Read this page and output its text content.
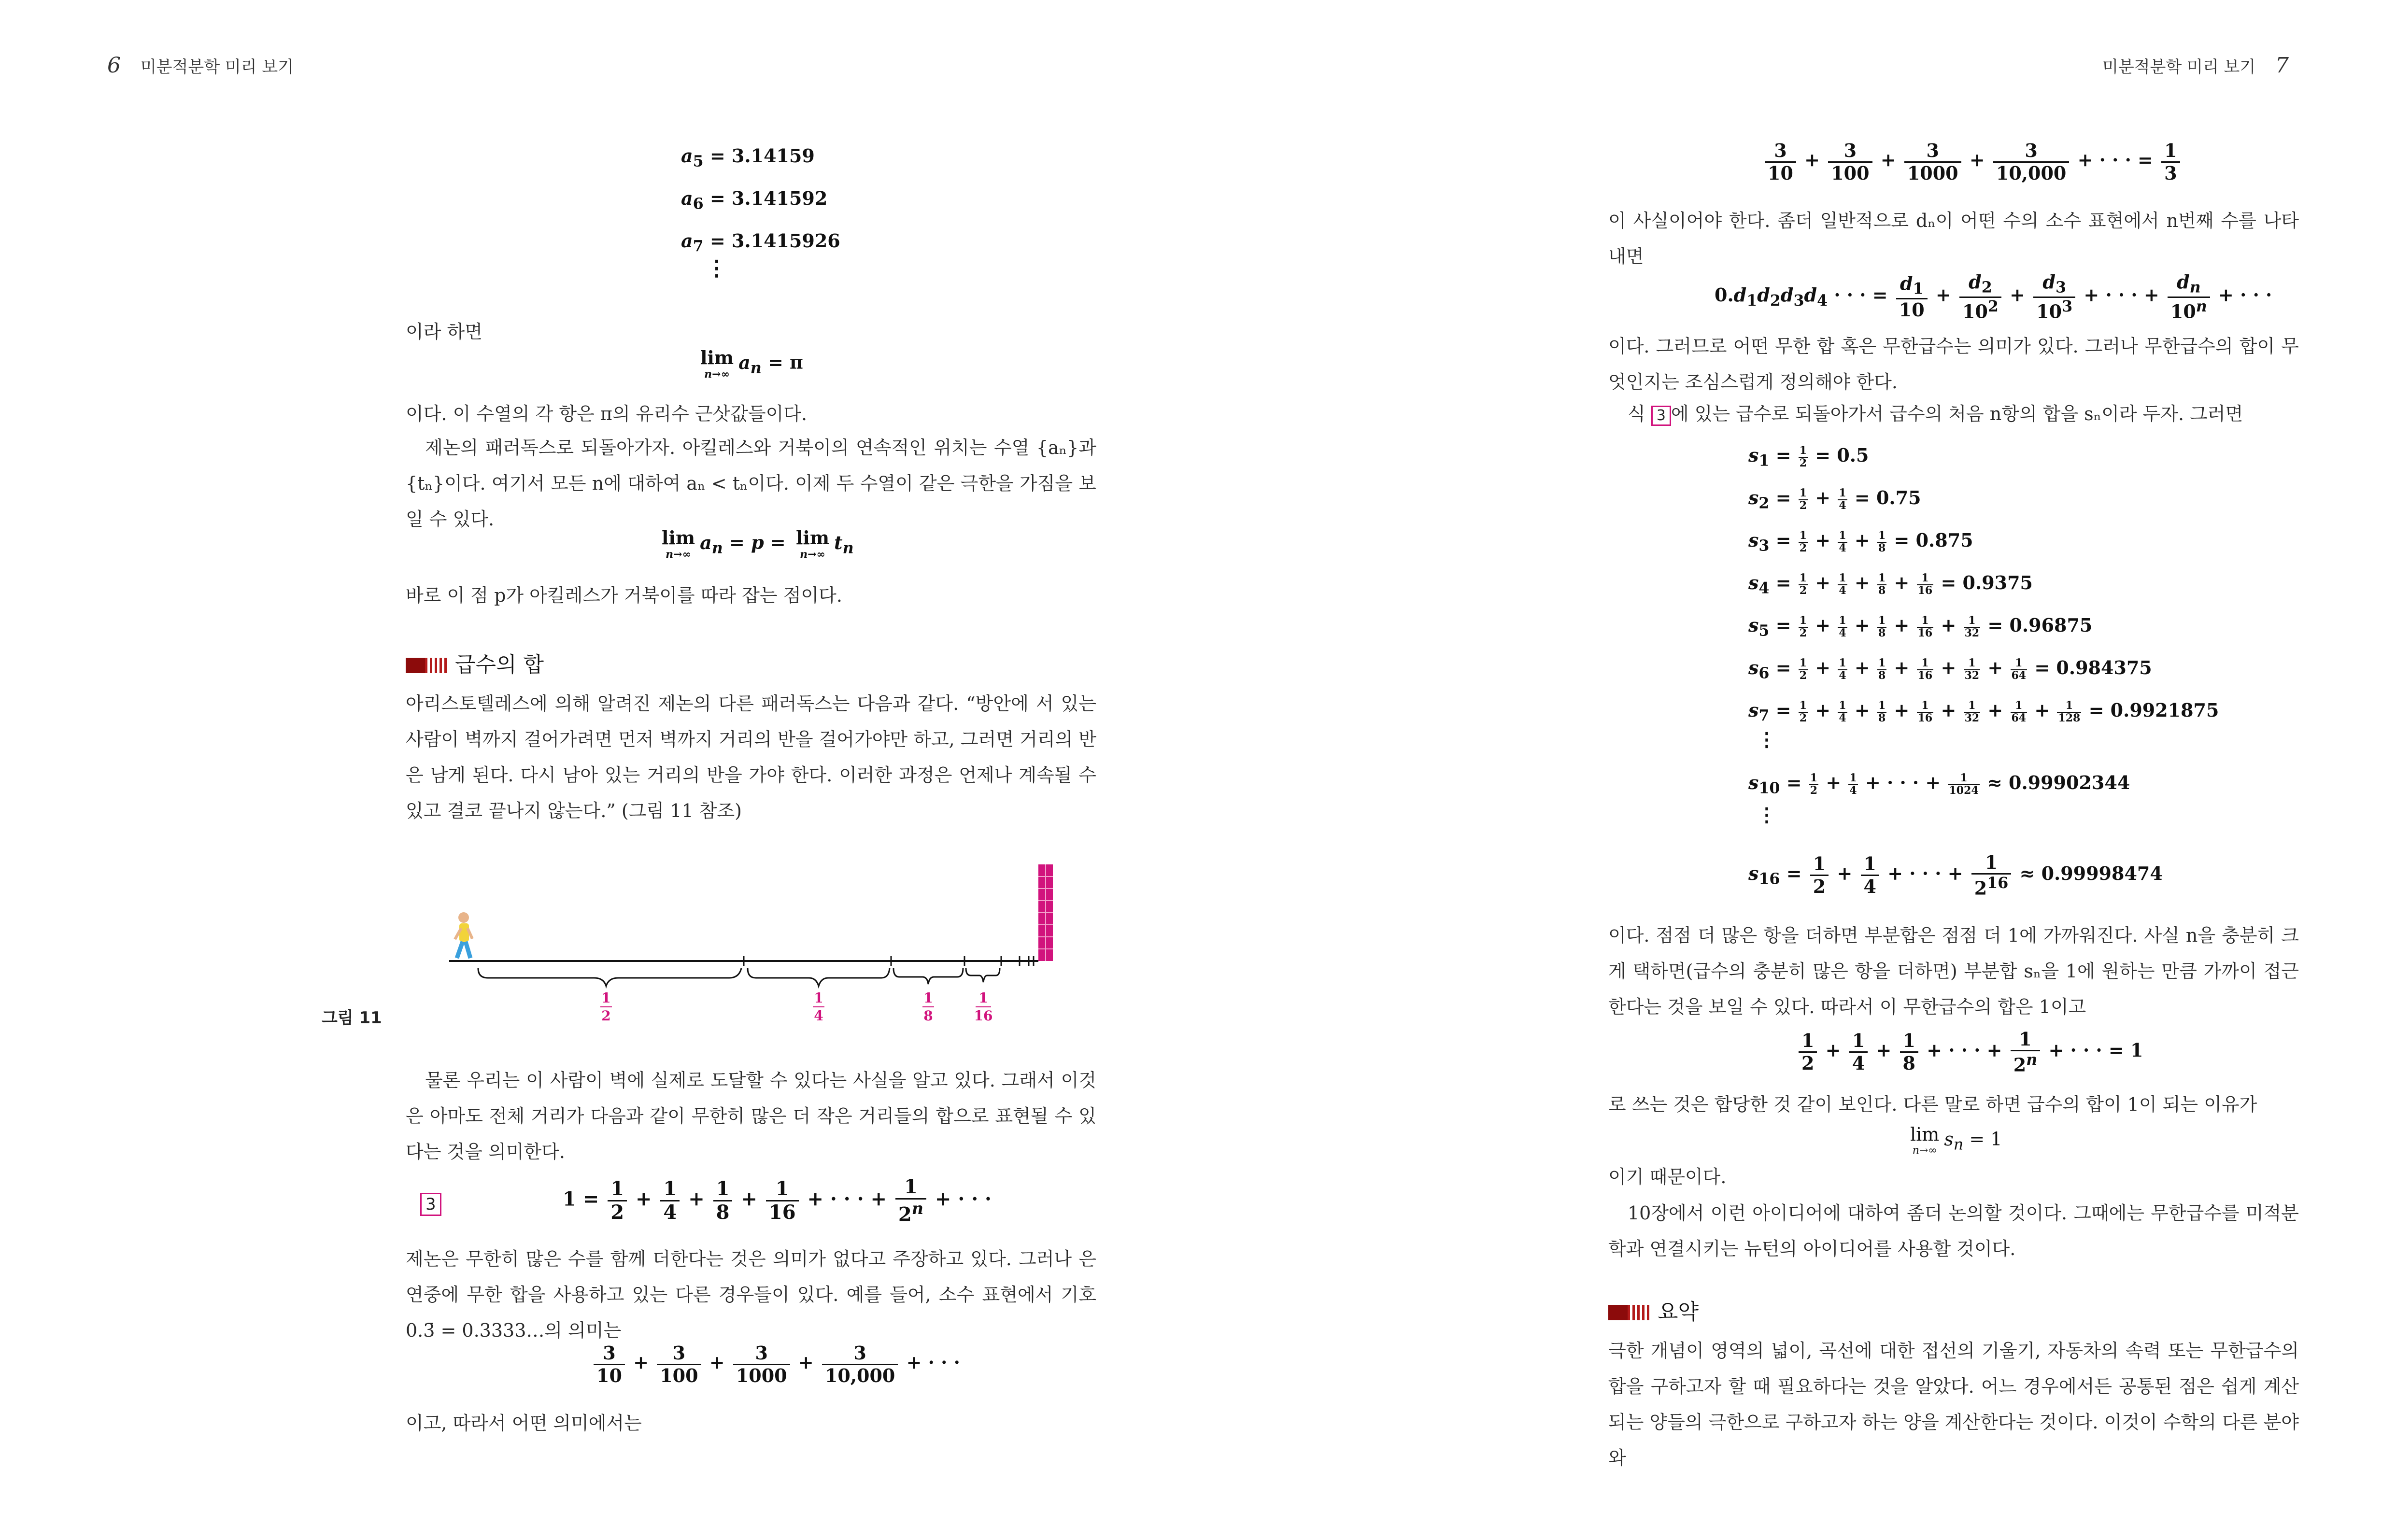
6 미분적분학 미리 보기	미분적분학 미리 보기 7
$a_5 = 3.14159$
$a_6 = 3.141592$
$a_7 = 3.1415926$
⋮
이라 하면
lim
n→∞
$a_n = \pi$
이다. 이 수열의 각 항은 π의 유리수 근삿값들이다.
제논의 패러독스로 되돌아가자. 아킬레스와 거북이의 연속적인 위치는 수열 {aₙ}과 {tₙ}이다. 여기서 모든 n에 대하여 aₙ < tₙ이다. 이제 두 수열이 같은 극한을 가짐을 보일 수 있다.
lim
n→∞
$a_n = p = \lim$
n→∞
$t_n$
바로 이 점 p가 아킬레스가 거북이를 따라 잡는 점이다.
급수의 합
아리스토텔레스에 의해 알려진 제논의 다른 패러독스는 다음과 같다. “방안에 서 있는 사람이 벽까지 걸어가려면 먼저 벽까지 거리의 반을 걸어가야만 하고, 그러면 거리의 반은 남게 된다. 다시 남아 있는 거리의 반을 가야 한다. 이러한 과정은 언제나 계속될 수 있고 결코 끝나지 않는다.” (그림 11 참조)
그림 11
1
2
1
4
1
8
1
16
물론 우리는 이 사람이 벽에 실제로 도달할 수 있다는 사실을 알고 있다. 그래서 이것은 아마도 전체 거리가 다음과 같이 무한히 많은 더 작은 거리들의 합으로 표현될 수 있다는 것을 의미한다.
3	$1 = \frac{1}{2} + \frac{1}{4} + \frac{1}{8} + \frac{1}{16}$ + · · · + $\frac{1}{2^n}$ + · · ·
제논은 무한히 많은 수를 함께 더한다는 것은 의미가 없다고 주장하고 있다. 그러나 은연중에 무한 합을 사용하고 있는 다른 경우들이 있다. 예를 들어, 소수 표현에서 기호 0.3̄ = 0.3333…의 의미는
$\frac{3}{10} + \frac{3}{100} + \frac{3}{1000} + \frac{3}{10,000}$ + · · ·
이고, 따라서 어떤 의미에서는
$\frac{3}{10} + \frac{3}{100} + \frac{3}{1000} + \frac{3}{10,000}$ + · · · = $\frac{1}{3}$
이 사실이어야 한다. 좀더 일반적으로 dₙ이 어떤 수의 소수 표현에서 n번째 수를 나타내면
$0.d_1d_2d_3d_4$ · · · = $\frac{d_1}{10} + \frac{d_2}{10^2} + \frac{d_3}{10^3}$ + · · · + $\frac{d_n}{10^n}$ + · · ·
이다. 그러므로 어떤 무한 합 혹은 무한급수는 의미가 있다. 그러나 무한급수의 합이 무엇인지는 조심스럽게 정의해야 한다.
식 3 에 있는 급수로 되돌아가서 급수의 처음 n항의 합을 sₙ이라 두자. 그러면
$s_1 = \frac{1}{2} = 0.5$
$s_2 = \frac{1}{2} + \frac{1}{4} = 0.75$
$s_3 = \frac{1}{2} + \frac{1}{4} + \frac{1}{8} = 0.875$
$s_4 = \frac{1}{2} + \frac{1}{4} + \frac{1}{8} + \frac{1}{16} = 0.9375$
$s_5 = \frac{1}{2} + \frac{1}{4} + \frac{1}{8} + \frac{1}{16} + \frac{1}{32} = 0.96875$
$s_6 = \frac{1}{2} + \frac{1}{4} + \frac{1}{8} + \frac{1}{16} + \frac{1}{32} + \frac{1}{64} = 0.984375$
$s_7 = \frac{1}{2} + \frac{1}{4} + \frac{1}{8} + \frac{1}{16} + \frac{1}{32} + \frac{1}{64} + \frac{1}{128} = 0.9921875$
⋮
$s_{10} = \frac{1}{2} + \frac{1}{4}$ + · · · + $\frac{1}{1024} \approx 0.99902344$
⋮
$s_{16} = \frac{1}{2} + \frac{1}{4}$ + · · · + $\frac{1}{2^{16}} \approx 0.99998474$
이다. 점점 더 많은 항을 더하면 부분합은 점점 더 1에 가까워진다. 사실 n을 충분히 크게 택하면(급수의 충분히 많은 항을 더하면) 부분합 sₙ을 1에 원하는 만큼 가까이 접근한다는 것을 보일 수 있다. 따라서 이 무한급수의 합은 1이고
$\frac{1}{2} + \frac{1}{4} + \frac{1}{8}$ + · · · + $\frac{1}{2^n}$ + · · · = 1
로 쓰는 것은 합당한 것 같이 보인다. 다른 말로 하면 급수의 합이 1이 되는 이유가
lim
n→∞
$s_n = 1$
이기 때문이다.
10장에서 이런 아이디어에 대하여 좀더 논의할 것이다. 그때에는 무한급수를 미적분학과 연결시키는 뉴턴의 아이디어를 사용할 것이다.
요약
극한 개념이 영역의 넓이, 곡선에 대한 접선의 기울기, 자동차의 속력 또는 무한급수의 합을 구하고자 할 때 필요하다는 것을 알았다. 어느 경우에서든 공통된 점은 쉽게 계산되는 양들의 극한으로 구하고자 하는 양을 계산한다는 것이다. 이것이 수학의 다른 분야와
